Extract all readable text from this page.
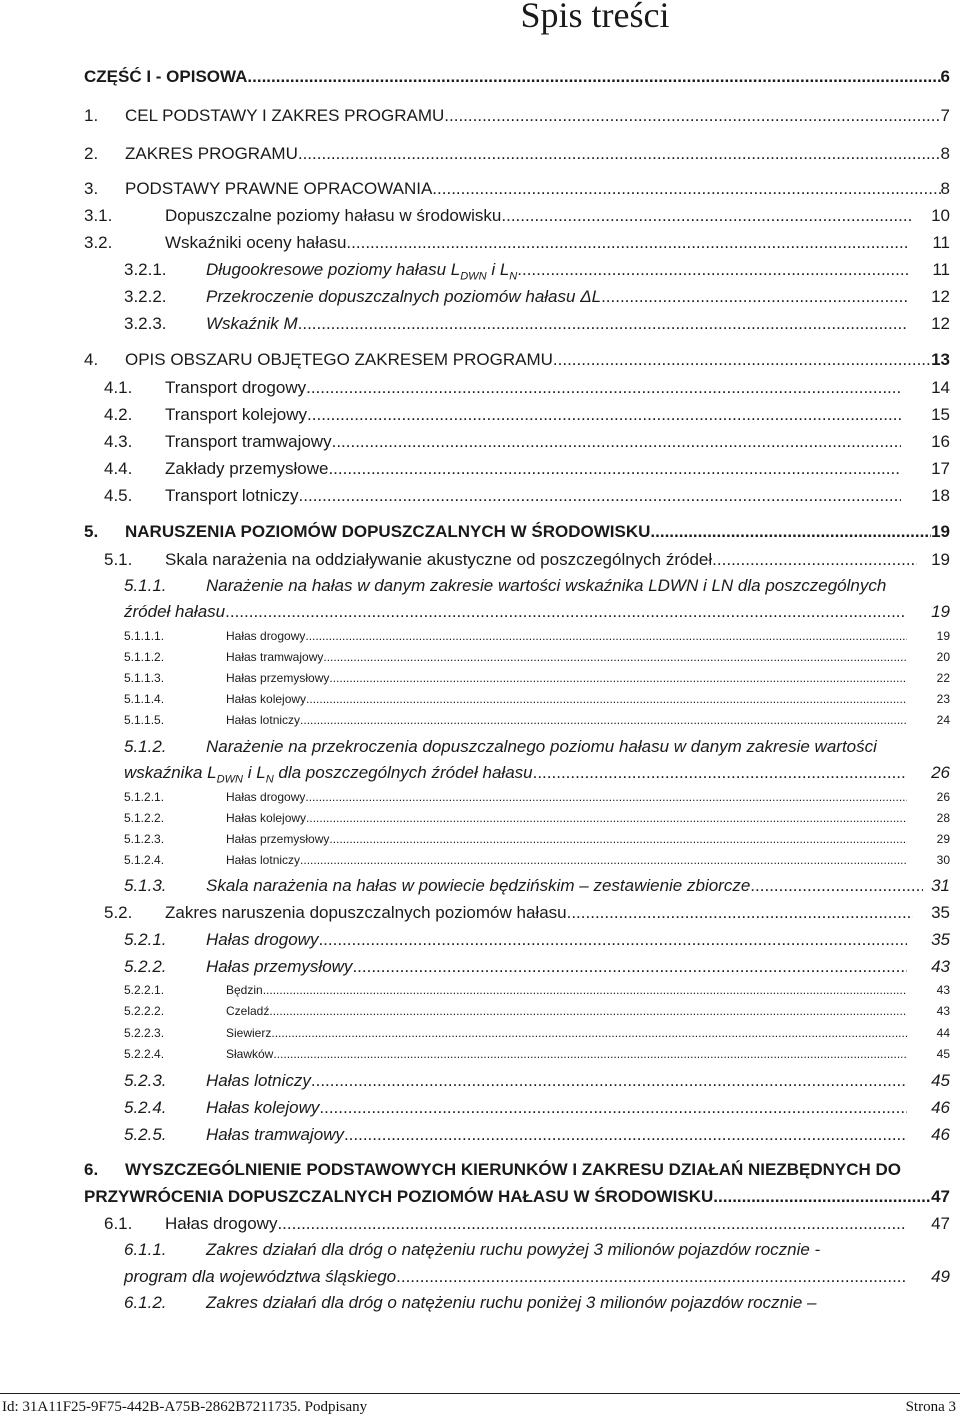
Spis treści
CZĘŚĆ I - OPISOWA .....	6
1.	CEL PODSTAWY I ZAKRES PROGRAMU .....	7
2.	ZAKRES PROGRAMU .....	8
3.	PODSTAWY PRAWNE OPRACOWANIA .....	8
3.1.	Dopuszczalne poziomy hałasu w środowisku .....	10
3.2.	Wskaźniki oceny hałasu .....	11
3.2.1.	Długookresowe poziomy hałasu $L_{DWN}$ i $L_N$ .....	11
3.2.2.	Przekroczenie dopuszczalnych poziomów hałasu ΔL .....	12
3.2.3.	Wskaźnik M .....	12
4.	OPIS OBSZARU OBJĘTEGO ZAKRESEM PROGRAMU .....	13
4.1.	Transport drogowy .....	14
4.2.	Transport kolejowy .....	15
4.3.	Transport tramwajowy .....	16
4.4.	Zakłady przemysłowe .....	17
4.5.	Transport lotniczy .....	18
5.	NARUSZENIA POZIOMÓW DOPUSZCZALNYCH W ŚRODOWISKU .....	19
5.1.	Skala narażenia na oddziaływanie akustyczne od poszczególnych źródeł .....	19
5.1.1. Narażenie na hałas w danym zakresie wartości wskaźnika LDWN i LN dla poszczególnych
źródeł hałasu .....	19
5.1.1.1.	Hałas drogowy .....	19
5.1.1.2.	Hałas tramwajowy .....	20
5.1.1.3.	Hałas przemysłowy .....	22
5.1.1.4.	Hałas kolejowy .....	23
5.1.1.5.	Hałas lotniczy .....	24
5.1.2. Narażenie na przekroczenia dopuszczalnego poziomu hałasu w danym zakresie wartości
wskaźnika $L_{DWN}$ i $L_N$ dla poszczególnych źródeł hałasu .....	26
5.1.2.1.	Hałas drogowy .....	26
5.1.2.2.	Hałas kolejowy .....	28
5.1.2.3.	Hałas przemysłowy .....	29
5.1.2.4.	Hałas lotniczy .....	30
5.1.3.	Skala narażenia na hałas w powiecie będzińskim – zestawienie zbiorcze .....	31
5.2.	Zakres naruszenia dopuszczalnych poziomów hałasu .....	35
5.2.1.	Hałas drogowy .....	35
5.2.2.	Hałas przemysłowy .....	43
5.2.2.1.	Będzin .....	43
5.2.2.2.	Czeladź .....	43
5.2.2.3.	Siewierz .....	44
5.2.2.4.	Sławków .....	45
5.2.3.	Hałas lotniczy .....	45
5.2.4.	Hałas kolejowy .....	46
5.2.5.	Hałas tramwajowy .....	46
6. WYSZCZEGÓLNIENIE PODSTAWOWYCH KIERUNKÓW I ZAKRESU DZIAŁAŃ NIEZBĘDNYCH DO
PRZYWRÓCENIA DOPUSZCZALNYCH POZIOMÓW HAŁASU W ŚRODOWISKU .....	47
6.1.	Hałas drogowy .....	47
6.1.1. Zakres działań dla dróg o natężeniu ruchu powyżej 3 milionów pojazdów rocznie -
program dla województwa śląskiego .....	49
6.1.2. Zakres działań dla dróg o natężeniu ruchu poniżej 3 milionów pojazdów rocznie –
Id: 31A11F25-9F75-442B-A75B-2862B7211735. Podpisany	Strona 3
